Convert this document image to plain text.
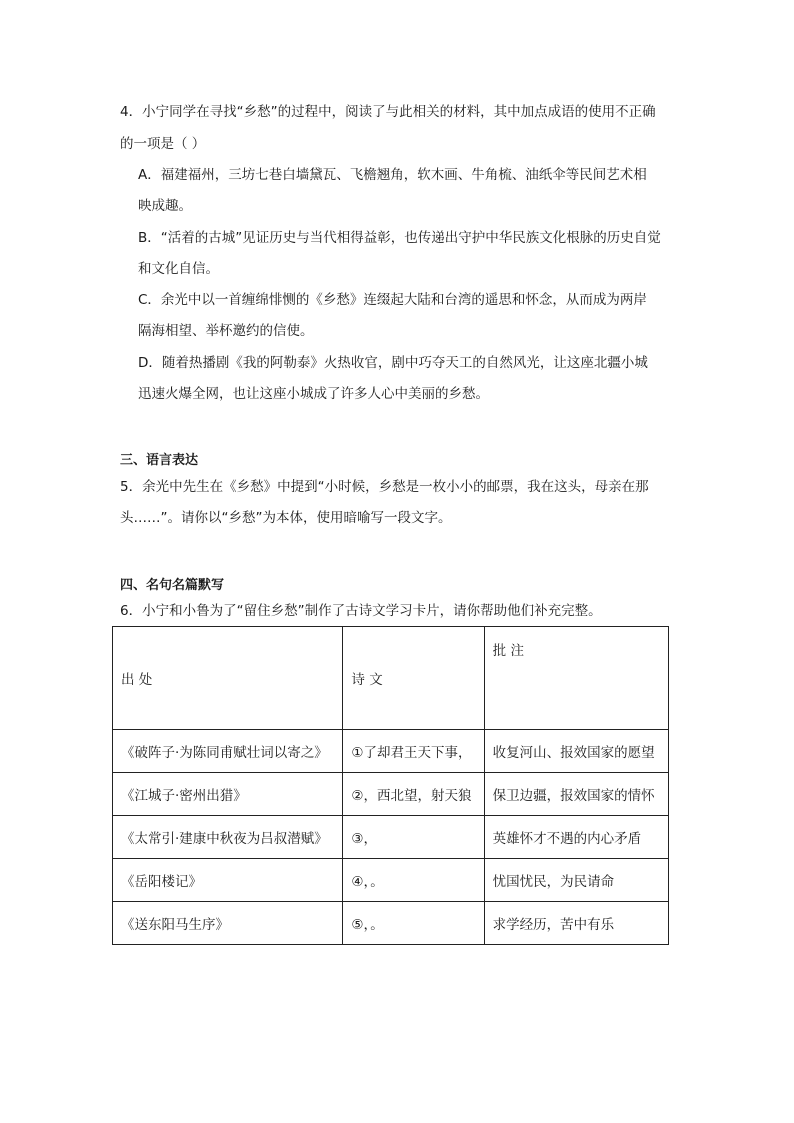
4．小宁同学在寻找“乡愁”的过程中，阅读了与此相关的材料，其中加点成语的使用不正确
的一项是（ ）
A．福建福州，三坊七巷白墙黛瓦、飞檐翘角，软木画、牛角梳、油纸伞等民间艺术相
映成趣。
B．“活着的古城”见证历史与当代相得益彰，也传递出守护中华民族文化根脉的历史自觉
和文化自信。
C．余光中以一首缠绵悱恻的《乡愁》连缀起大陆和台湾的遥思和怀念，从而成为两岸
隔海相望、举杯邀约的信使。
D．随着热播剧《我的阿勒泰》火热收官，剧中巧夺天工的自然风光，让这座北疆小城
迅速火爆全网，也让这座小城成了许多人心中美丽的乡愁。
三、语言表达
5．余光中先生在《乡愁》中提到“小时候，乡愁是一枚小小的邮票，我在这头，母亲在那
头……”。请你以“乡愁”为本体，使用暗喻写一段文字。
四、名句名篇默写
6．小宁和小鲁为了“留住乡愁”制作了古诗文学习卡片，请你帮助他们补充完整。
出 处	诗 文	批 注

《破阵子·为陈同甫赋壮词以寄之》	①了却君王天下事，	收复河山、报效国家的愿望
《江城子·密州出猎》	②，西北望，射天狼	保卫边疆，报效国家的情怀
《太常引·建康中秋夜为吕叔潜赋》	③，	英雄怀才不遇的内心矛盾
《岳阳楼记》	④，。	忧国忧民，为民请命
《送东阳马生序》	⑤，。	求学经历，苦中有乐
